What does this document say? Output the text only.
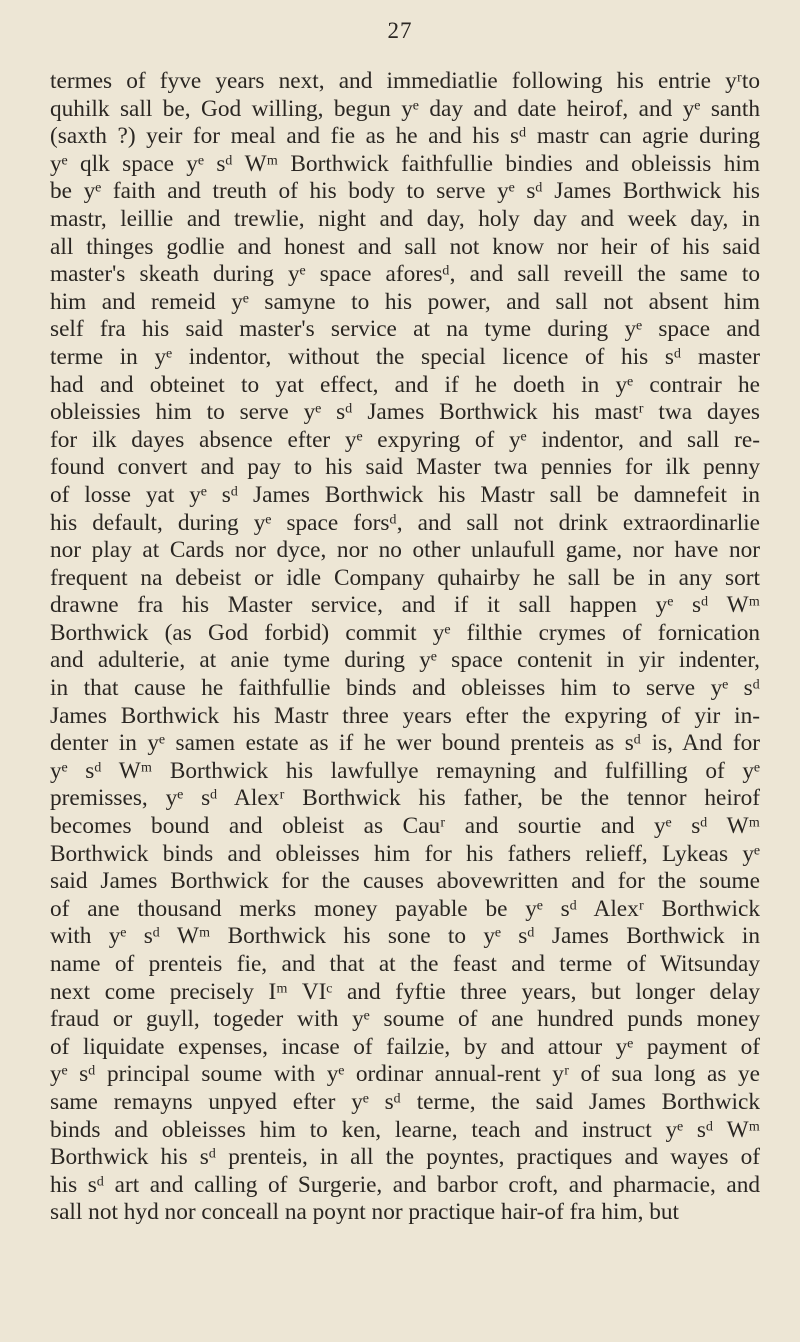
27

termes of fyve years next, and immediatlie following his entrie yʳto
quhilk sall be, God willing, begun yᵉ day and date heirof, and yᵉ santh
(saxth ?) yeir for meal and fie as he and his sᵈ mastr can agrie during
yᵉ qlk space yᵉ sᵈ Wᵐ Borthwick faithfullie bindies and obleissis him
be yᵉ faith and treuth of his body to serve yᵉ sᵈ James Borthwick his
mastr, leillie and trewlie, night and day, holy day and week day, in
all thinges godlie and honest and sall not know nor heir of his said
master's skeath during yᵉ space aforesᵈ, and sall reveill the same to
him and remeid yᵉ samyne to his power, and sall not absent him
self fra his said master's service at na tyme during yᵉ space and
terme in yᵉ indentor, without the special licence of his sᵈ master
had and obteinet to yat effect, and if he doeth in yᵉ contrair he
obleissies him to serve yᵉ sᵈ James Borthwick his mastʳ twa dayes
for ilk dayes absence efter yᵉ expyring of yᵉ indentor, and sall re-
found convert and pay to his said Master twa pennies for ilk penny
of losse yat yᵉ sᵈ James Borthwick his Mastr sall be damnefeit in
his default, during yᵉ space forsᵈ, and sall not drink extraordinarlie
nor play at Cards nor dyce, nor no other unlaufull game, nor have nor
frequent na debeist or idle Company quhairby he sall be in any sort
drawne fra his Master service, and if it sall happen yᵉ sᵈ Wᵐ
Borthwick (as God forbid) commit yᵉ filthie crymes of fornication
and adulterie, at anie tyme during yᵉ space contenit in yir indenter,
in that cause he faithfullie binds and obleisses him to serve yᵉ sᵈ
James Borthwick his Mastr three years efter the expyring of yir in-
denter in yᵉ samen estate as if he wer bound prenteis as sᵈ is, And for
yᵉ sᵈ Wᵐ Borthwick his lawfullye remayning and fulfilling of yᵉ
premisses, yᵉ sᵈ Alexʳ Borthwick his father, be the tennor heirof
becomes bound and obleist as Cauʳ and sourtie and yᵉ sᵈ Wᵐ
Borthwick binds and obleisses him for his fathers relieff, Lykeas yᵉ
said James Borthwick for the causes abovewritten and for the soume
of ane thousand merks money payable be yᵉ sᵈ Alexʳ Borthwick
with yᵉ sᵈ Wᵐ Borthwick his sone to yᵉ sᵈ James Borthwick in
name of prenteis fie, and that at the feast and terme of Witsunday
next come precisely Iᵐ VIᶜ and fyftie three years, but longer delay
fraud or guyll, togeder with yᵉ soume of ane hundred punds money
of liquidate expenses, incase of failzie, by and attour yᵉ payment of
yᵉ sᵈ principal soume with yᵉ ordinar annual-rent yʳ of sua long as ye
same remayns unpyed efter yᵉ sᵈ terme, the said James Borthwick
binds and obleisses him to ken, learne, teach and instruct yᵉ sᵈ Wᵐ
Borthwick his sᵈ prenteis, in all the poyntes, practiques and wayes of
his sᵈ art and calling of Surgerie, and barbor croft, and pharmacie, and
sall not hyd nor conceall na poynt nor practique hair-of fra him, but
